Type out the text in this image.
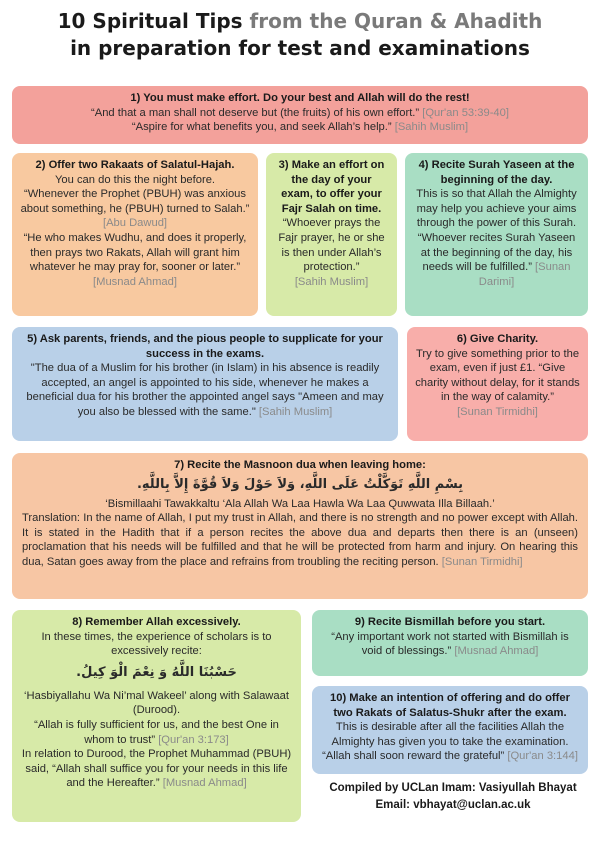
10 Spiritual Tips from the Quran & Ahadith
in preparation for test and examinations
1) You must make effort. Do your best and Allah will do the rest!

“And that a man shall not deserve but (the fruits) of his own effort.” [Qur'an 53:39-40]

“Aspire for what benefits you, and seek Allah’s help.” [Sahih Muslim]

2) Offer two Rakaats of Salatul-Hajah.

You can do this the night before.

“Whenever the Prophet (PBUH) was anxious about something, he (PBUH) turned to Salah.” [Abu Dawud]

“He who makes Wudhu, and does it properly, then prays two Rakats, Allah will grant him whatever he may pray for, sooner or later.” [Musnad Ahmad]

3) Make an effort on the day of your exam, to offer your Fajr Salah on time.

“Whoever prays the Fajr prayer, he or she is then under Allah’s protection.”

[Sahih Muslim]

4) Recite Surah Yaseen at the beginning of the day.

This is so that Allah the Almighty may help you achieve your aims through the power of this Surah. “Whoever recites Surah Yaseen at the beginning of the day, his needs will be fulfilled.” [Sunan Darimi]

5) Ask parents, friends, and the pious people to supplicate for your success in the exams.

"The dua of a Muslim for his brother (in Islam) in his absence is readily accepted, an angel is appointed to his side, whenever he makes a beneficial dua for his brother the appointed angel says "Ameen and may you also be blessed with the same." [Sahih Muslim]

6) Give Charity.

Try to give something prior to the exam, even if just £1. “Give charity without delay, for it stands in the way of calamity.”

[Sunan Tirmidhi]

7) Recite the Masnoon dua when leaving home:
بِسْمِ اللَّهِ تَوَكَّلْتُ عَلَى اللَّهِ، وَلاَ حَوْلَ وَلاَ قُوَّةَ إِلاَّ بِاللَّهِ.

‘Bismillaahi Tawakkaltu ‘Ala Allah Wa Laa Hawla Wa Laa Quwwata Illa Billaah.’

Translation: In the name of Allah, I put my trust in Allah, and there is no strength and no power except with Allah. It is stated in the Hadith that if a person recites the above dua and departs then there is an (unseen) proclamation that his needs will be fulfilled and that he will be protected from harm and injury. On hearing this dua, Satan goes away from the place and refrains from troubling the reciting person. [Sunan Tirmidhi]

8) Remember Allah excessively.

In these times, the experience of scholars is to excessively recite:

حَسْبُنَا اللَّهُ وَ نِعْمَ الْوَ كِيلُ.

‘Hasbiyallahu Wa Ni’mal Wakeel’ along with Salawaat (Durood).

“Allah is fully sufficient for us, and the best One in whom to trust” [Qur'an 3:173]

In relation to Durood, the Prophet Muhammad (PBUH) said, “Allah shall suffice you for your needs in this life and the Hereafter.” [Musnad Ahmad]

9) Recite Bismillah before you start.

“Any important work not started with Bismillah is void of blessings.” [Musnad Ahmad]

10) Make an intention of offering and do offer two Rakats of Salatus-Shukr after the exam.

This is desirable after all the facilities Allah the Almighty has given you to take the examination. “Allah shall soon reward the grateful” [Qur'an 3:144]

Compiled by UCLan Imam: Vasiyullah Bhayat
Email: vbhayat@uclan.ac.uk
